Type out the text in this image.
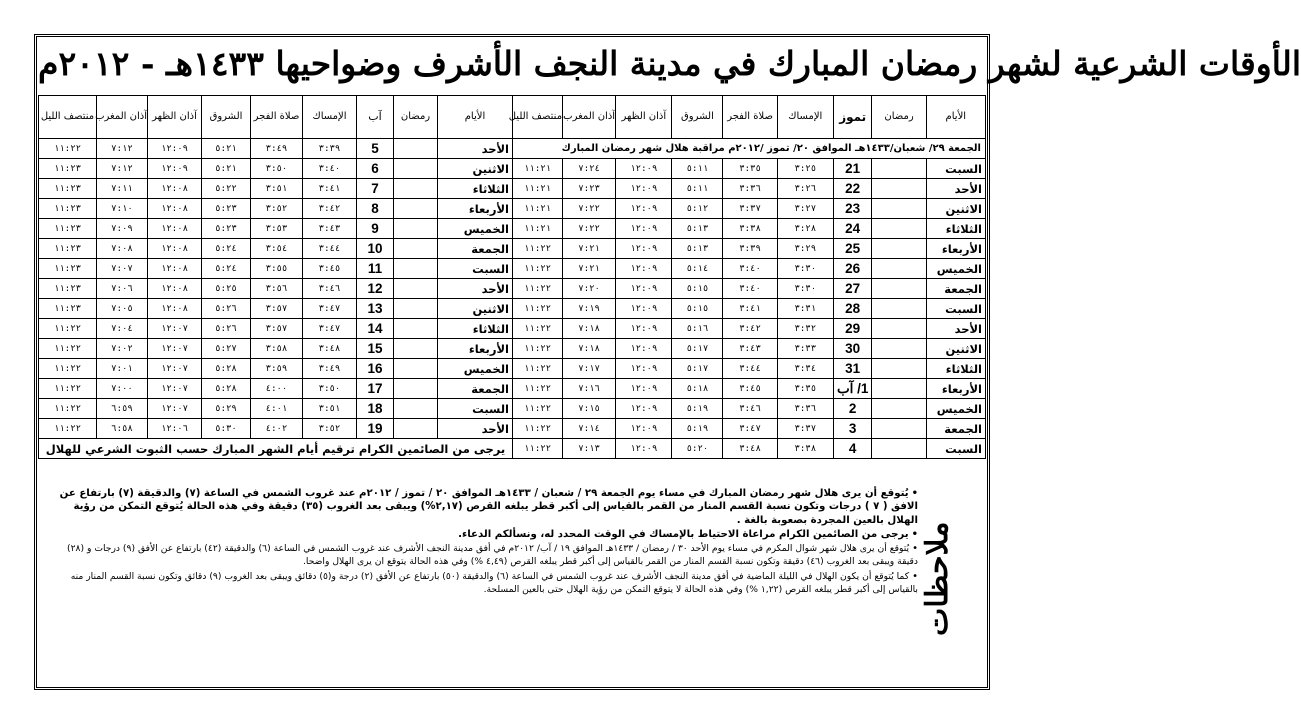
الأوقات الشرعية لشهر رمضان المبارك في مدينة النجف الأشرف وضواحيها ١٤٣٣هـ - ٢٠١٢م
الأيام	رمضان	تموز	الإمساك	صلاة الفجر	الشروق	آذان الظهر	آذان المغرب	منتصف الليل
الجمعة ٢٩/ شعبان/١٤٣٣هـ الموافق ٢٠/ تموز /٢٠١٢م مراقبة هلال شهر رمضان المبارك								
السبت		21	٣:٢٥	٣:٣٥	٥:١١	١٢:٠٩	٧:٢٤	١١:٢١
الأحد		22	٣:٢٦	٣:٣٦	٥:١١	١٢:٠٩	٧:٢٣	١١:٢١
الاثنين		23	٣:٢٧	٣:٣٧	٥:١٢	١٢:٠٩	٧:٢٢	١١:٢١
الثلاثاء		24	٣:٢٨	٣:٣٨	٥:١٣	١٢:٠٩	٧:٢٢	١١:٢١
الأربعاء		25	٣:٢٩	٣:٣٩	٥:١٣	١٢:٠٩	٧:٢١	١١:٢٢
الخميس		26	٣:٣٠	٣:٤٠	٥:١٤	١٢:٠٩	٧:٢١	١١:٢٢
الجمعة		27	٣:٣٠	٣:٤٠	٥:١٥	١٢:٠٩	٧:٢٠	١١:٢٢
السبت		28	٣:٣١	٣:٤١	٥:١٥	١٢:٠٩	٧:١٩	١١:٢٢
الأحد		29	٣:٣٢	٣:٤٢	٥:١٦	١٢:٠٩	٧:١٨	١١:٢٢
الاثنين		30	٣:٣٣	٣:٤٣	٥:١٧	١٢:٠٩	٧:١٨	١١:٢٢
الثلاثاء		31	٣:٣٤	٣:٤٤	٥:١٧	١٢:٠٩	٧:١٧	١١:٢٢
الأربعاء		1/ آب	٣:٣٥	٣:٤٥	٥:١٨	١٢:٠٩	٧:١٦	١١:٢٢
الخميس		2	٣:٣٦	٣:٤٦	٥:١٩	١٢:٠٩	٧:١٥	١١:٢٢
الجمعة		3	٣:٣٧	٣:٤٧	٥:١٩	١٢:٠٩	٧:١٤	١١:٢٢
السبت		4	٣:٣٨	٣:٤٨	٥:٢٠	١٢:٠٩	٧:١٣	١١:٢٢
الأيام	رمضان	آب	الإمساك	صلاة الفجر	الشروق	آذان الظهر	آذان المغرب	منتصف الليل
الأحد		5	٣:٣٩	٣:٤٩	٥:٢١	١٢:٠٩	٧:١٢	١١:٢٢
الاثنين		6	٣:٤٠	٣:٥٠	٥:٢١	١٢:٠٩	٧:١٢	١١:٢٣
الثلاثاء		7	٣:٤١	٣:٥١	٥:٢٢	١٢:٠٨	٧:١١	١١:٢٣
الأربعاء		8	٣:٤٢	٣:٥٢	٥:٢٣	١٢:٠٨	٧:١٠	١١:٢٣
الخميس		9	٣:٤٣	٣:٥٣	٥:٢٣	١٢:٠٨	٧:٠٩	١١:٢٣
الجمعة		10	٣:٤٤	٣:٥٤	٥:٢٤	١٢:٠٨	٧:٠٨	١١:٢٣
السبت		11	٣:٤٥	٣:٥٥	٥:٢٤	١٢:٠٨	٧:٠٧	١١:٢٣
الأحد		12	٣:٤٦	٣:٥٦	٥:٢٥	١٢:٠٨	٧:٠٦	١١:٢٣
الاثنين		13	٣:٤٧	٣:٥٧	٥:٢٦	١٢:٠٨	٧:٠٥	١١:٢٣
الثلاثاء		14	٣:٤٧	٣:٥٧	٥:٢٦	١٢:٠٧	٧:٠٤	١١:٢٢
الأربعاء		15	٣:٤٨	٣:٥٨	٥:٢٧	١٢:٠٧	٧:٠٢	١١:٢٢
الخميس		16	٣:٤٩	٣:٥٩	٥:٢٨	١٢:٠٧	٧:٠١	١١:٢٢
الجمعة		17	٣:٥٠	٤:٠٠	٥:٢٨	١٢:٠٧	٧:٠٠	١١:٢٢
السبت		18	٣:٥١	٤:٠١	٥:٢٩	١٢:٠٧	٦:٥٩	١١:٢٢
الأحد		19	٣:٥٢	٤:٠٢	٥:٣٠	١٢:٠٦	٦:٥٨	١١:٢٢
يرجى من الصائمين الكرام ترقيم أيام الشهر المبارك حسب الثبوت الشرعي للهلال								
ملاحظات

•يُتوقع أن يرى هلال شهر رمضان المبارك في مساء يوم الجمعة ٢٩ / شعبان / ١٤٣٣هـ الموافق ٢٠ / تموز / ٢٠١٢م عند غروب الشمس في الساعة (٧) والدقيقة (٧) بارتفاع عن الافق ( ٧ ) درجات وتكون نسبة القسم المنار من القمر بالقياس إلى أكبر قطر يبلغه القرص (٢,١٧%) ويبقى بعد الغروب (٣٥) دقيقة وفي هذه الحالة يُتوقع التمكن من رؤية الهلال بالعين المجردة بصعوبة بالغة .

•يرجى من الصائمين الكرام مراعاة الاحتياط بالإمساك في الوقت المحدد له، ونسألكم الدعاء.

•يُتوقع أن يرى هلال شهر شوال المكرم في مساء يوم الأحد ٣٠ / رمضان / ١٤٣٣هـ الموافق ١٩ / آب/ ٢٠١٢م في أفق مدينة النجف الأشرف عند غروب الشمس في الساعة (٦) والدقيقة (٤٢) بارتفاع عن الأفق (٩) درجات و (٢٨) دقيقة ويبقى بعد الغروب (٤٦) دقيقة وتكون نسبة القسم المنار من القمر بالقياس إلى أكبر قطر يبلغه القرص (٤,٤٩ %) وفي هذه الحالة يتوقع ان يرى الهلال واضحا.

•كما يُتوقع أن يكون الهلال في الليلة الماضية في أفق مدينة النجف الأشرف عند غروب الشمس في الساعة (٦) والدقيقة (٥٠) بارتفاع عن الأفق (٢) درجة و(٥) دقائق ويبقى بعد الغروب (٩) دقائق وتكون نسبة القسم المنار منه بالقياس إلى أكبر قطر يبلغه القرص (١,٢٢ %) وفي هذه الحالة لا يتوقع التمكن من رؤية الهلال حتى بالعين المسلحة.
